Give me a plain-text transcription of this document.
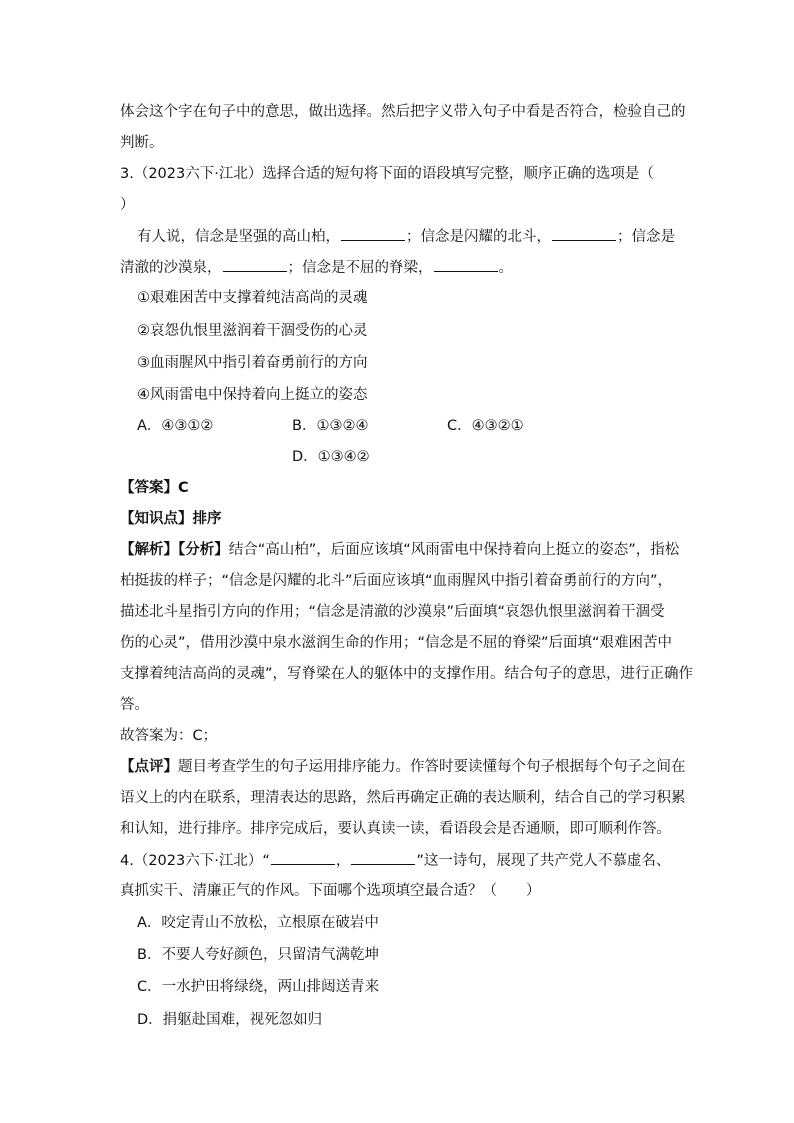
体会这个字在句子中的意思，做出选择。然后把字义带入句子中看是否符合，检验自己的
判断。
3.（2023六下·江北）选择合适的短句将下面的语段填写完整，顺序正确的选项是（
）
有人说，信念是坚强的高山柏，	；信念是闪耀的北斗，	；信念是
清澈的沙漠泉，	；信念是不屈的脊梁，	。
①艰难困苦中支撑着纯洁高尚的灵魂
②哀怨仇恨里滋润着干涸受伤的心灵
③血雨腥风中指引着奋勇前行的方向
④风雨雷电中保持着向上挺立的姿态
A．④③①②	B．①③②④	C．④③②①
D．①③④②
【答案】C
【知识点】排序
【解析】【分析】结合“高山柏”，后面应该填“风雨雷电中保持着向上挺立的姿态”，指松
柏挺拔的样子；“信念是闪耀的北斗”后面应该填“血雨腥风中指引着奋勇前行的方向”，
描述北斗星指引方向的作用；“信念是清澈的沙漠泉”后面填“哀怨仇恨里滋润着干涸受
伤的心灵”，借用沙漠中泉水滋润生命的作用；“信念是不屈的脊梁”后面填“艰难困苦中
支撑着纯洁高尚的灵魂”，写脊梁在人的躯体中的支撑作用。结合句子的意思，进行正确作
答。
故答案为：C；
【点评】题目考查学生的句子运用排序能力。作答时要读懂每个句子根据每个句子之间在
语义上的内在联系，理清表达的思路，然后再确定正确的表达顺利，结合自己的学习积累
和认知，进行排序。排序完成后，要认真读一读，看语段会是否通顺，即可顺利作答。
4.（2023六下·江北）“	，	”这一诗句，展现了共产党人不慕虚名、
真抓实干、清廉正气的作风。下面哪个选项填空最合适？（　　）
A．咬定青山不放松，立根原在破岩中
B．不要人夸好颜色，只留清气满乾坤
C．一水护田将绿绕，两山排闼送青来
D．捐躯赴国难，视死忽如归
